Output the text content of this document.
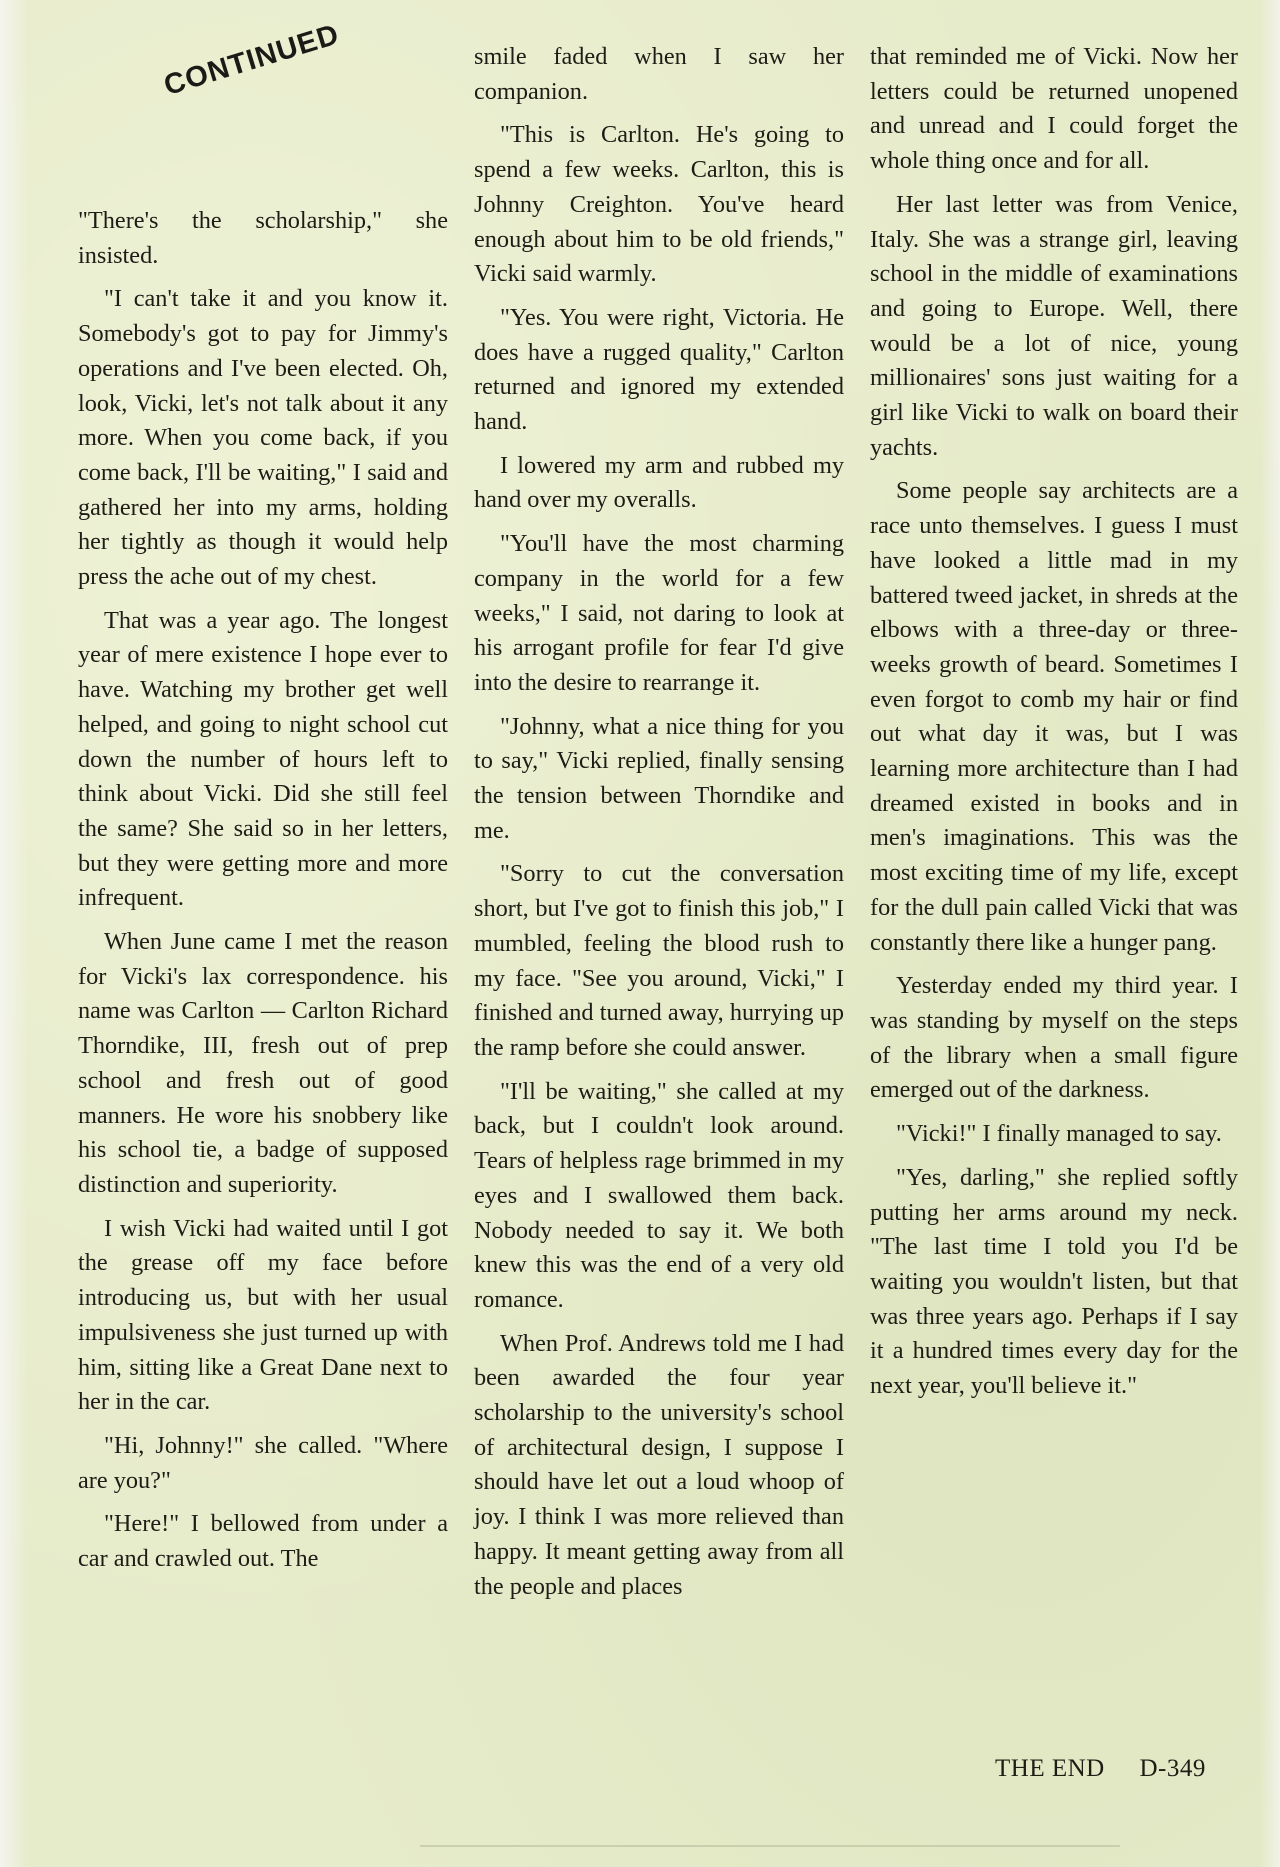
CONTINUED

"There's the scholarship," she insisted.

"I can't take it and you know it. Somebody's got to pay for Jimmy's operations and I've been elected. Oh, look, Vicki, let's not talk about it any more. When you come back, if you come back, I'll be waiting," I said and gathered her into my arms, holding her tightly as though it would help press the ache out of my chest.

That was a year ago. The longest year of mere existence I hope ever to have. Watching my brother get well helped, and going to night school cut down the number of hours left to think about Vicki. Did she still feel the same? She said so in her letters, but they were getting more and more infrequent.

When June came I met the reason for Vicki's lax correspondence. his name was Carlton — Carlton Richard Thorndike, III, fresh out of prep school and fresh out of good manners. He wore his snobbery like his school tie, a badge of supposed distinction and superiority.

I wish Vicki had waited until I got the grease off my face before introducing us, but with her usual impulsiveness she just turned up with him, sitting like a Great Dane next to her in the car.

"Hi, Johnny!" she called. "Where are you?"

"Here!" I bellowed from under a car and crawled out. The

smile faded when I saw her companion.

"This is Carlton. He's going to spend a few weeks. Carlton, this is Johnny Creighton. You've heard enough about him to be old friends," Vicki said warmly.

"Yes. You were right, Victoria. He does have a rugged quality," Carlton returned and ignored my extended hand.

I lowered my arm and rubbed my hand over my overalls.

"You'll have the most charming company in the world for a few weeks," I said, not daring to look at his arrogant profile for fear I'd give into the desire to rearrange it.

"Johnny, what a nice thing for you to say," Vicki replied, finally sensing the tension between Thorndike and me.

"Sorry to cut the conversation short, but I've got to finish this job," I mumbled, feeling the blood rush to my face. "See you around, Vicki," I finished and turned away, hurrying up the ramp before she could answer.

"I'll be waiting," she called at my back, but I couldn't look around. Tears of helpless rage brimmed in my eyes and I swallowed them back. Nobody needed to say it. We both knew this was the end of a very old romance.

When Prof. Andrews told me I had been awarded the four year scholarship to the university's school of architectural design, I suppose I should have let out a loud whoop of joy. I think I was more relieved than happy. It meant getting away from all the people and places

that reminded me of Vicki. Now her letters could be returned unopened and unread and I could forget the whole thing once and for all.

Her last letter was from Venice, Italy. She was a strange girl, leaving school in the middle of examinations and going to Europe. Well, there would be a lot of nice, young millionaires' sons just waiting for a girl like Vicki to walk on board their yachts.

Some people say architects are a race unto themselves. I guess I must have looked a little mad in my battered tweed jacket, in shreds at the elbows with a three-day or three-weeks growth of beard. Sometimes I even forgot to comb my hair or find out what day it was, but I was learning more architecture than I had dreamed existed in books and in men's imaginations. This was the most exciting time of my life, except for the dull pain called Vicki that was constantly there like a hunger pang.

Yesterday ended my third year. I was standing by myself on the steps of the library when a small figure emerged out of the darkness.

"Vicki!" I finally managed to say.

"Yes, darling," she replied softly putting her arms around my neck. "The last time I told you I'd be waiting you wouldn't listen, but that was three years ago. Perhaps if I say it a hundred times every day for the next year, you'll believe it."

THE END D-349
